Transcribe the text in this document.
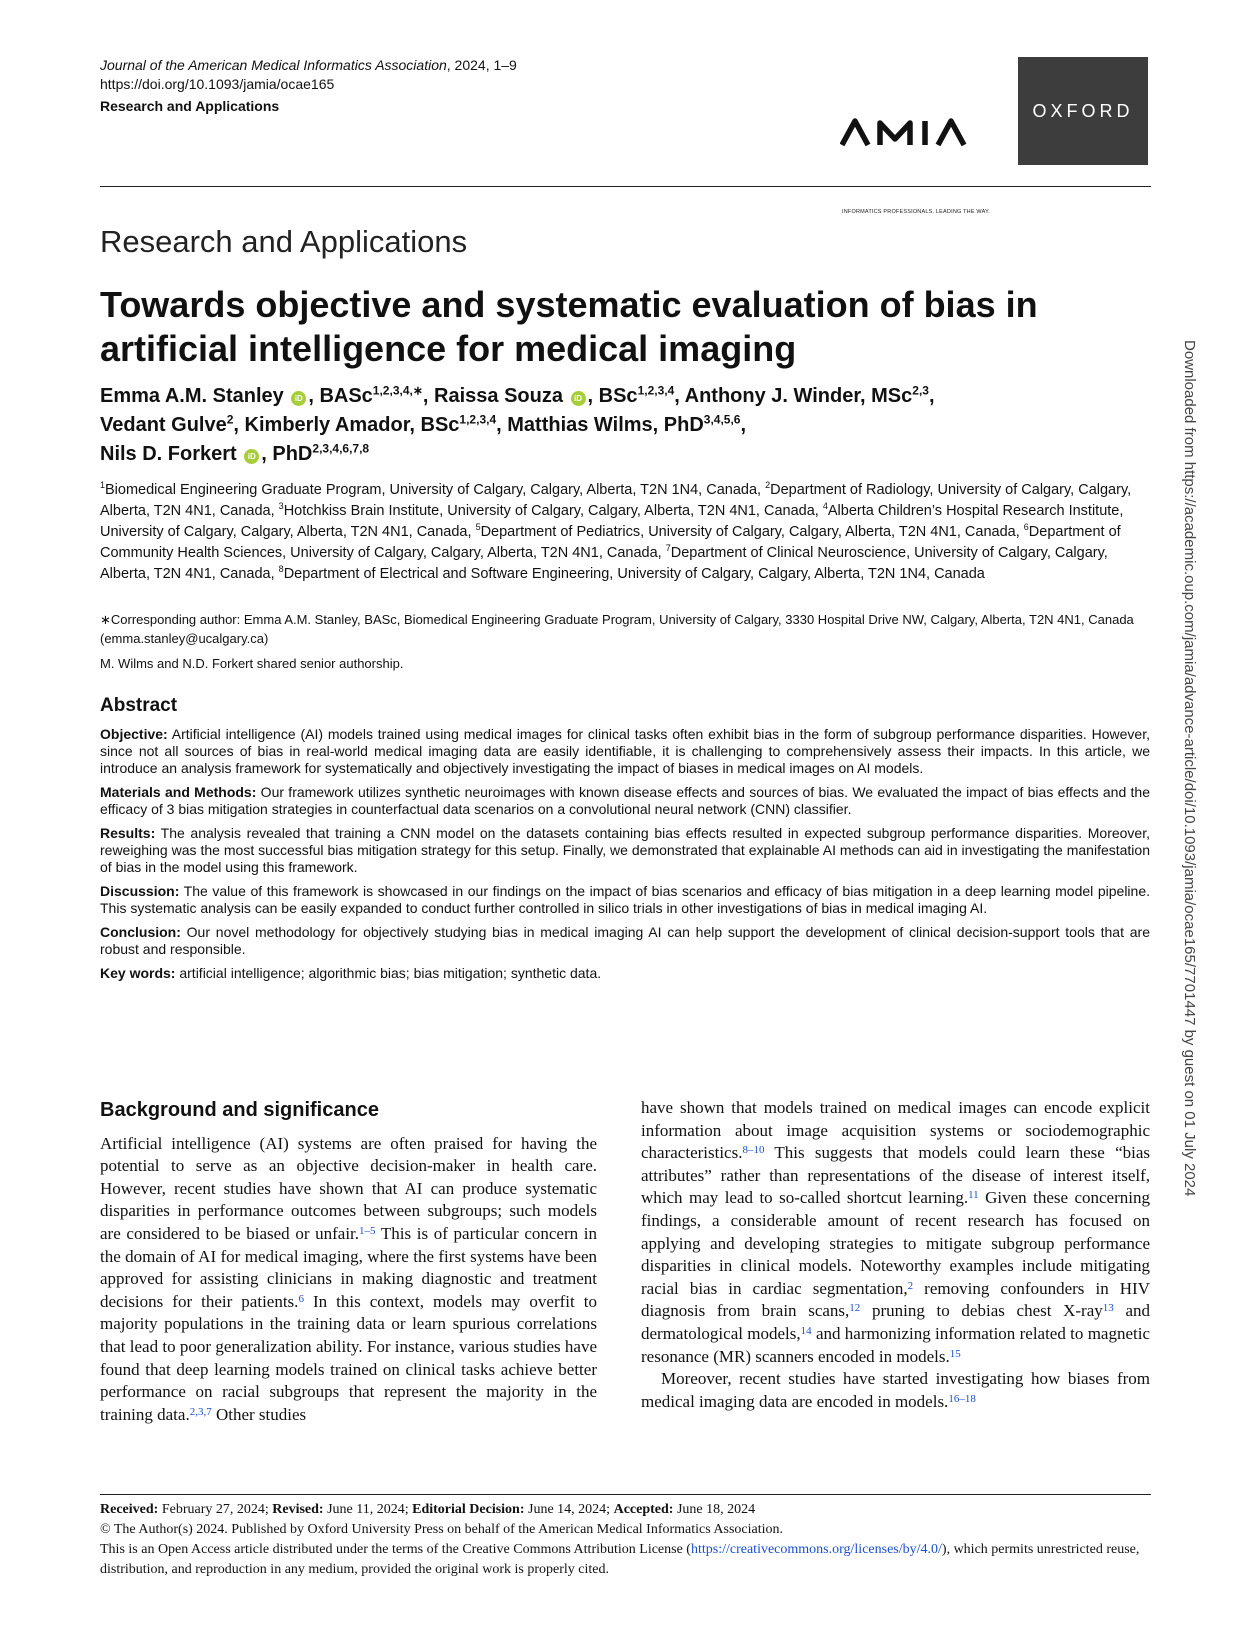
Journal of the American Medical Informatics Association, 2024, 1–9
https://doi.org/10.1093/jamia/ocae165
Research and Applications
INFORMATICS PROFESSIONALS. LEADING THE WAY.
OXFORD
Research and Applications
Towards objective and systematic evaluation of bias in artificial intelligence for medical imaging
Emma A.M. Stanley iD , BASc$^{1,2,3,4,∗}$, Raissa Souza iD , BSc$^{1,2,3,4}$, Anthony J. Winder, MSc$^{2,3}$,
Vedant Gulve$^2$, Kimberly Amador, BSc$^{1,2,3,4}$, Matthias Wilms, PhD$^{3,4,5,6}$,
Nils D. Forkert iD , PhD$^{2,3,4,6,7,8}$
$^1$Biomedical Engineering Graduate Program, University of Calgary, Calgary, Alberta, T2N 1N4, Canada, $^2$Department of Radiology, University of Calgary, Calgary, Alberta, T2N 4N1, Canada, $^3$Hotchkiss Brain Institute, University of Calgary, Calgary, Alberta, T2N 4N1, Canada, $^4$Alberta Children’s Hospital Research Institute, University of Calgary, Calgary, Alberta, T2N 4N1, Canada, $^5$Department of Pediatrics, University of Calgary, Calgary, Alberta, T2N 4N1, Canada, $^6$Department of Community Health Sciences, University of Calgary, Calgary, Alberta, T2N 4N1, Canada, $^7$Department of Clinical Neuroscience, University of Calgary, Calgary, Alberta, T2N 4N1, Canada, $^8$Department of Electrical and Software Engineering, University of Calgary, Calgary, Alberta, T2N 1N4, Canada
∗Corresponding author: Emma A.M. Stanley, BASc, Biomedical Engineering Graduate Program, University of Calgary, 3330 Hospital Drive NW, Calgary, Alberta, T2N 4N1, Canada (emma.stanley@ucalgary.ca)
M. Wilms and N.D. Forkert shared senior authorship.
Abstract

Objective: Artificial intelligence (AI) models trained using medical images for clinical tasks often exhibit bias in the form of subgroup performance disparities. However, since not all sources of bias in real-world medical imaging data are easily identifiable, it is challenging to comprehensively assess their impacts. In this article, we introduce an analysis framework for systematically and objectively investigating the impact of biases in medical images on AI models.

Materials and Methods: Our framework utilizes synthetic neuroimages with known disease effects and sources of bias. We evaluated the impact of bias effects and the efficacy of 3 bias mitigation strategies in counterfactual data scenarios on a convolutional neural network (CNN) classifier.

Results: The analysis revealed that training a CNN model on the datasets containing bias effects resulted in expected subgroup performance disparities. Moreover, reweighing was the most successful bias mitigation strategy for this setup. Finally, we demonstrated that explainable AI methods can aid in investigating the manifestation of bias in the model using this framework.

Discussion: The value of this framework is showcased in our findings on the impact of bias scenarios and efficacy of bias mitigation in a deep learning model pipeline. This systematic analysis can be easily expanded to conduct further controlled in silico trials in other investigations of bias in medical imaging AI.

Conclusion: Our novel methodology for objectively studying bias in medical imaging AI can help support the development of clinical decision-support tools that are robust and responsible.

Key words: artificial intelligence; algorithmic bias; bias mitigation; synthetic data.

Background and significance

Artificial intelligence (AI) systems are often praised for having the potential to serve as an objective decision-maker in health care. However, recent studies have shown that AI can produce systematic disparities in performance outcomes between subgroups; such models are considered to be biased or unfair.$^{1-5}$ This is of particular concern in the domain of AI for medical imaging, where the first systems have been approved for assisting clinicians in making diagnostic and treatment decisions for their patients.$^6$ In this context, models may overfit to majority populations in the training data or learn spurious correlations that lead to poor generalization ability. For instance, various studies have found that deep learning models trained on clinical tasks achieve better performance on racial subgroups that represent the majority in the training data.$^{2,3,7}$ Other studies

have shown that models trained on medical images can encode explicit information about image acquisition systems or sociodemographic characteristics.$^{8-10}$ This suggests that models could learn these “bias attributes” rather than representations of the disease of interest itself, which may lead to so-called shortcut learning.$^{11}$ Given these concerning findings, a considerable amount of recent research has focused on applying and developing strategies to mitigate subgroup performance disparities in clinical models. Noteworthy examples include mitigating racial bias in cardiac segmentation,$^2$ removing confounders in HIV diagnosis from brain scans,$^{12}$ pruning to debias chest X-ray$^{13}$ and dermatological models,$^{14}$ and harmonizing information related to magnetic resonance (MR) scanners encoded in models.$^{15}$

Moreover, recent studies have started investigating how biases from medical imaging data are encoded in models.$^{16-18}$

Received: February 27, 2024; Revised: June 11, 2024; Editorial Decision: June 14, 2024; Accepted: June 18, 2024
© The Author(s) 2024. Published by Oxford University Press on behalf of the American Medical Informatics Association.
This is an Open Access article distributed under the terms of the Creative Commons Attribution License (https://creativecommons.org/licenses/by/4.0/), which permits unrestricted reuse, distribution, and reproduction in any medium, provided the original work is properly cited.
Downloaded from https://academic.oup.com/jamia/advance-article/doi/10.1093/jamia/ocae165/7701447 by guest on 01 July 2024
